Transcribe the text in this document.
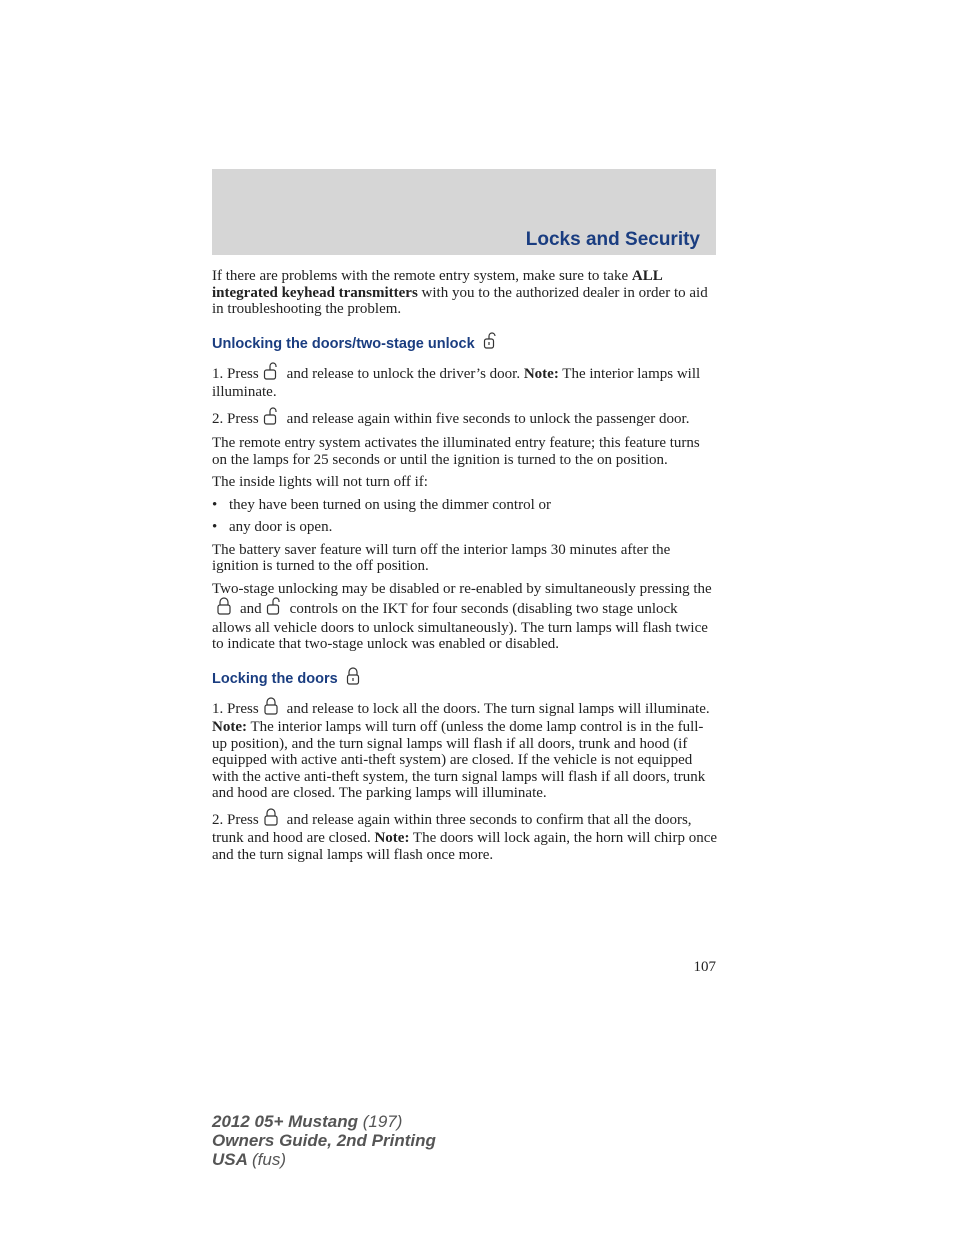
Locks and Security

If there are problems with the remote entry system, make sure to take ALL integrated keyhead transmitters with you to the authorized dealer in order to aid in troubleshooting the problem.

Unlocking the doors/two-stage unlock

1. Press and release to unlock the driver’s door. Note: The interior lamps will illuminate.

2. Press and release again within five seconds to unlock the passenger door.

The remote entry system activates the illuminated entry feature; this feature turns on the lamps for 25 seconds or until the ignition is turned to the on position.

The inside lights will not turn off if:

• they have been turned on using the dimmer control or
• any door is open.

The battery saver feature will turn off the interior lamps 30 minutes after the ignition is turned to the off position.

Two-stage unlocking may be disabled or re-enabled by simultaneously pressing theand controls on the IKT for four seconds (disabling two stage unlock allows all vehicle doors to unlock simultaneously). The turn lamps will flash twice to indicate that two-stage unlock was enabled or disabled.

Locking the doors

1. Press and release to lock all the doors. The turn signal lamps will illuminate. Note: The interior lamps will turn off (unless the dome lamp control is in the full-up position), and the turn signal lamps will flash if all doors, trunk and hood (if equipped with active anti-theft system) are closed. If the vehicle is not equipped with the active anti-theft system, the turn signal lamps will flash if all doors, trunk and hood are closed. The parking lamps will illuminate.

2. Press and release again within three seconds to confirm that all the doors, trunk and hood are closed. Note: The doors will lock again, the horn will chirp once and the turn signal lamps will flash once more.

107
2012 05+ Mustang (197)
Owners Guide, 2nd Printing
USA (fus)
